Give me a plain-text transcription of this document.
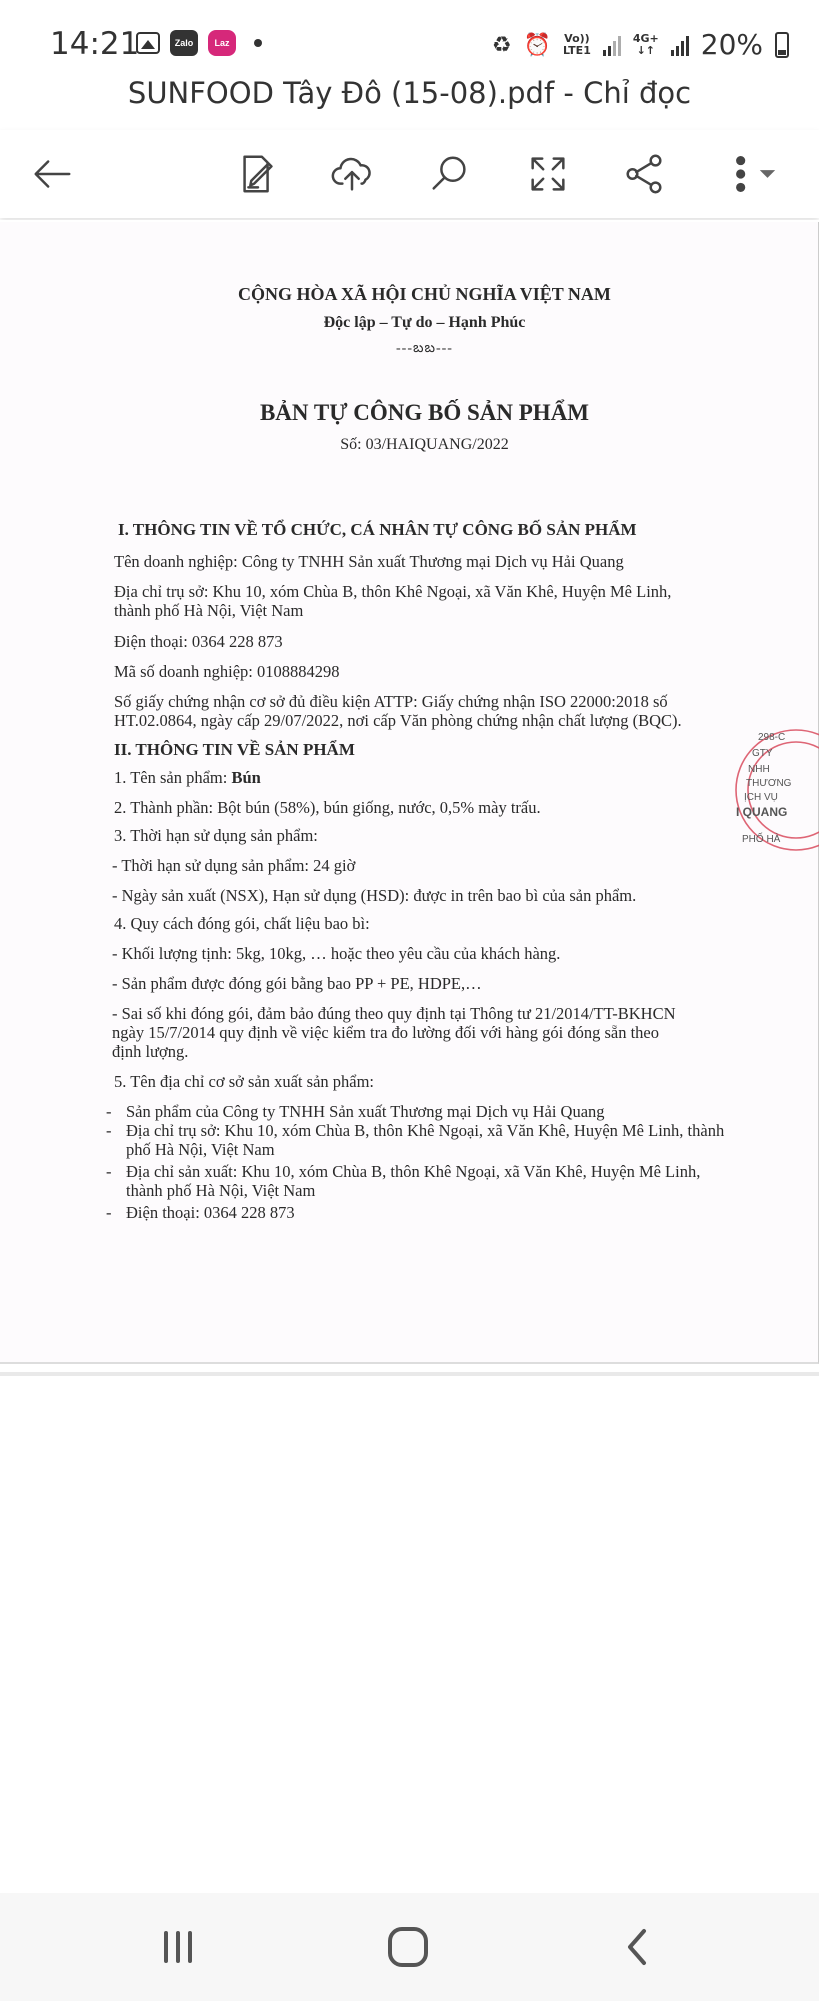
14:21	Zalo	Laz	♻ ⏰ Vo))
LTE1
4G+
↓↑ 20%
SUNFOOD Tây Đô (15-08).pdf - Chỉ đọc
CỘNG HÒA XÃ HỘI CHỦ NGHĨA VIỆT NAM
Độc lập – Tự do – Hạnh Phúc
---బబ---
BẢN TỰ CÔNG BỐ SẢN PHẨM
Số: 03/HAIQUANG/2022
I. THÔNG TIN VỀ TỔ CHỨC, CÁ NHÂN TỰ CÔNG BỐ SẢN PHẨM
Tên doanh nghiệp: Công ty TNHH Sản xuất Thương mại Dịch vụ Hải Quang
Địa chỉ trụ sở: Khu 10, xóm Chùa B, thôn Khê Ngoại, xã Văn Khê, Huyện Mê Linh,
thành phố Hà Nội, Việt Nam
Điện thoại: 0364 228 873
Mã số doanh nghiệp: 0108884298
Số giấy chứng nhận cơ sở đủ điều kiện ATTP: Giấy chứng nhận ISO 22000:2018 số
HT.02.0864, ngày cấp 29/07/2022, nơi cấp Văn phòng chứng nhận chất lượng (BQC).
II. THÔNG TIN VỀ SẢN PHẨM
1. Tên sản phẩm: Bún
2. Thành phần: Bột bún (58%), bún giống, nước, 0,5% mày trấu.
3. Thời hạn sử dụng sản phẩm:
- Thời hạn sử dụng sản phẩm: 24 giờ
- Ngày sản xuất (NSX), Hạn sử dụng (HSD): được in trên bao bì của sản phẩm.
4. Quy cách đóng gói, chất liệu bao bì:
- Khối lượng tịnh: 5kg, 10kg, … hoặc theo yêu cầu của khách hàng.
- Sản phẩm được đóng gói bằng bao PP + PE, HDPE,…
- Sai số khi đóng gói, đảm bảo đúng theo quy định tại Thông tư 21/2014/TT-BKHCN
ngày 15/7/2014 quy định về việc kiểm tra đo lường đối với hàng gói đóng sẵn theo
định lượng.
5. Tên địa chỉ cơ sở sản xuất sản phẩm:
- Sản phẩm của Công ty TNHH Sản xuất Thương mại Dịch vụ Hải Quang
- Địa chỉ trụ sở: Khu 10, xóm Chùa B, thôn Khê Ngoại, xã Văn Khê, Huyện Mê Linh, thành phố Hà Nội, Việt Nam
- Địa chỉ sản xuất: Khu 10, xóm Chùa B, thôn Khê Ngoại, xã Văn Khê, Huyện Mê Linh, thành phố Hà Nội, Việt Nam
- Điện thoại: 0364 228 873
298-C
GTY
NHH
THƯƠNG
ỊCH VỤ
I QUANG
PHỐ HÀ
